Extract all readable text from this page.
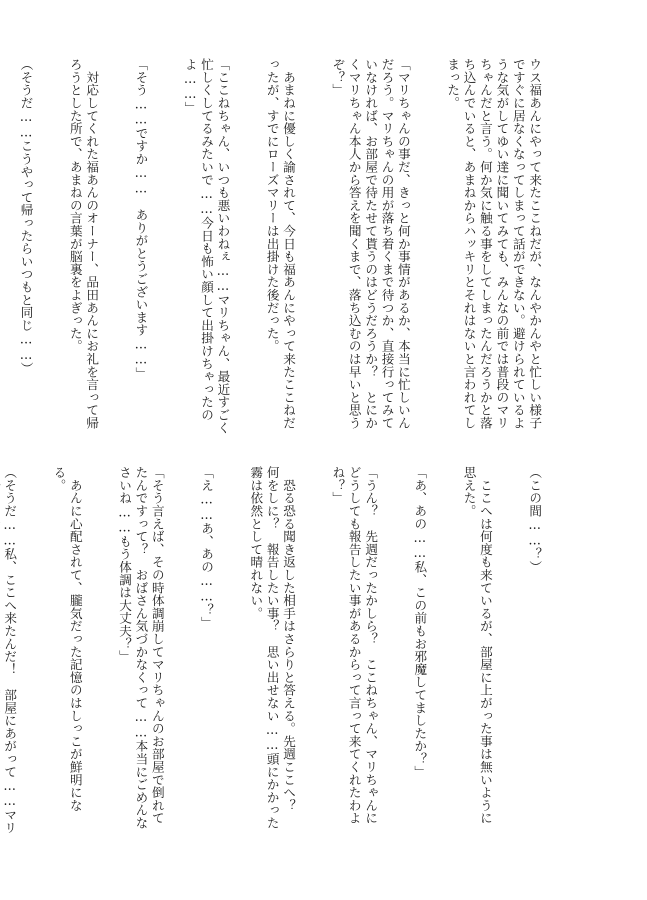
ウス福あんにやって来たここねだが、なんやかんやと忙しい様子ですぐに居なくなってしまって話ができない。避けられているような気がしてゆい達に聞いてみても、みんなの前では普段のマリちゃんだと言う。何か気に触る事をしてしまったんだろうかと落ち込んでいると、あまねからハッキリとそれはないと言われてしまった。

「マリちゃんの事だ、きっと何か事情があるか、本当に忙しいんだろう。マリちゃんの用が落ち着くまで待つか、直接行ってみていなければ、お部屋で待たせて貰うのはどうだろうか？　とにかくマリちゃん本人から答えを聞くまで、落ち込むのは早いと思うぞ？」

　あまねに優しく諭されて、今日も福あんにやって来たここねだったが、すでにローズマリーは出掛けた後だった。

「ここねちゃん、いつも悪いわねぇ……マリちゃん、最近すごく忙しくしてるみたいで……今日も怖い顔して出掛けちゃったのよ……」

「そう……ですか……　ありがとうございます……」

　対応してくれた福あんのオーナー、品田あんにお礼を言って帰ろうとした所で、あまねの言葉が脳裏をよぎった。

（そうだ……こうやって帰ったらいつもと同じ……）

（この間……？）

　ここへは何度も来ているが、部屋に上がった事は無いように思えた。

「あ、あの……私、この前もお邪魔してましたか？」

「うん？　先週だったかしら？　ここねちゃん、マリちゃんにどうしても報告したい事があるからって言って来てくれたわよね？」

　恐る恐る聞き返した相手はさらりと答える。先週ここへ？　何をしに？　報告したい事？　思い出せない……頭にかかった霧は依然として晴れない。

「え……あ、あの……？」

「そう言えば、その時体調崩してマリちゃんのお部屋で倒れてたんですって？　おばさん気づかなくって……本当にごめんなさいね……もう体調は大丈夫？」

　あんに心配されて、朧気だった記憶のはしっこが鮮明になる。

（そうだ……私、ここへ来たんだ！　部屋にあがって……マリ
